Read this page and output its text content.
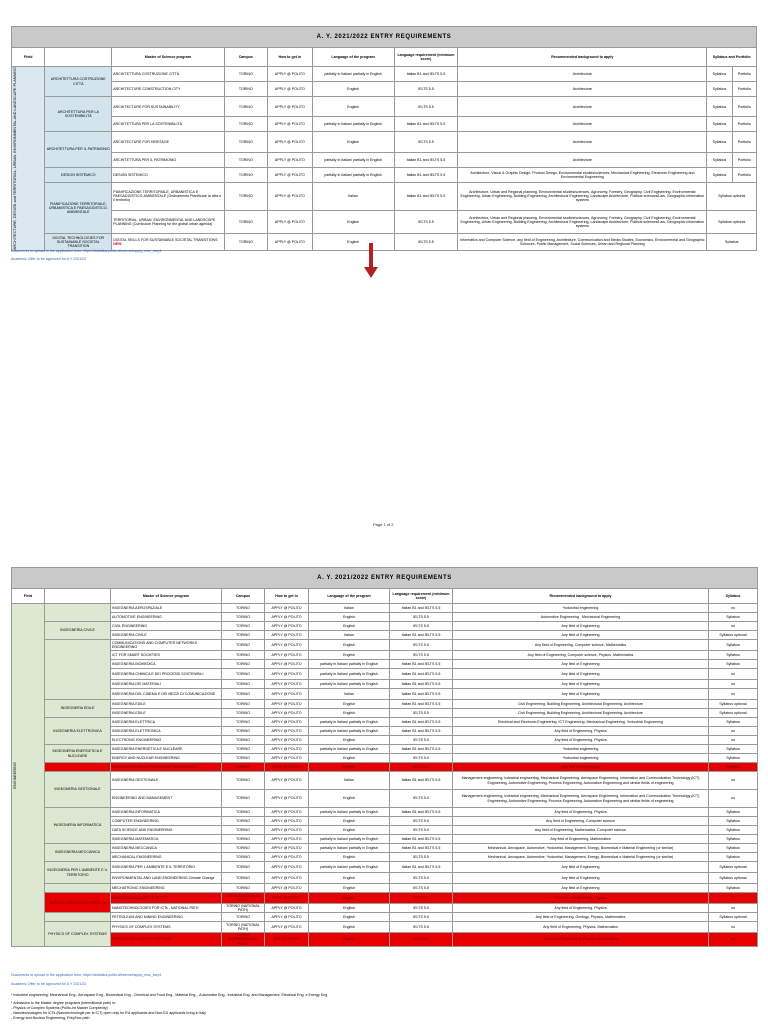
A. Y. 2021/2022 ENTRY REQUIREMENTS									
Field		Master of Science program	Campus	How to get in	Language of the program	Language requirement (minimum score)	Recommended background to apply	Syllabus and Portfolio	

ARCHITECTURE, DESIGN and TERRITORIAL, URBAN, ENVIRONMENTAL AND LANDSCAPE PLANNING	ARCHITETTURA COSTRUZIONE CITTÀ	ARCHITETTURA COSTRUZIONE CITTÀ	TORINO	APPLY @ POLITO	partially in Italian/ partially in English	Italian B1 and IELTS 5.5	Architecture	Syllabus	Portfolio
		ARCHITECTURE CONSTRUCTION CITY	TORINO	APPLY @ POLITO	English	IELTS 5.5	Architecture	Syllabus	Portfolio
	ARCHITETTURA PER LA SOSTENIBILITÀ	ARCHITECTURE FOR SUSTAINABILITY	TORINO	APPLY @ POLITO	English	IELTS 5.5	Architecture	Syllabus	Portfolio
		ARCHITETTURA PER LA SOSTENIBILITÀ	TORINO	APPLY @ POLITO	partially in Italian/ partially in English	Italian B1 and IELTS 5.5	Architecture	Syllabus	Portfolio
	ARCHITETTURA PER IL PATRIMONIO	ARCHITECTURE FOR HERITAGE	TORINO	APPLY @ POLITO	English	IELTS 5.5	Architecture	Syllabus	Portfolio
		ARCHITETTURA PER IL PATRIMONIO	TORINO	APPLY @ POLITO	partially in Italian/ partially in English	Italian B1 and IELTS 5.5	Architecture	Syllabus	Portfolio
	DESIGN SISTEMICO	DESIGN SISTEMICO	TORINO	APPLY @ POLITO	partially in Italian/ partially in English	Italian B1 and IELTS 5.5	Architecture, Visual & Graphic Design, Product Design, Environmental studies/sciences, Mechanical Engineering, Electronic Engineering and Environmental Engineering	Syllabus	Portfolio
	PIANIFICAZIONE TERRITORIALE, URBANISTICA E PAESAGGISTICO-AMBIENTALE	PIANIFICAZIONE TERRITORIALE, URBANISTICA E PAESAGGISTICO-AMBIENTALE (Ordinamento Pianificare la città e il territorio)	TORINO	APPLY @ POLITO	Italian	Italian B1 and IELTS 5.5	Architecture, Urban and Regional planning, Environmental studies/sciences, Agronomy, Forestry, Geography, Civil Engineering, Environmental Engineering, Urban Engineering, Building Engineering, Architectural Engineering, Landscape Architecture, Political sciences/Law, Geographic information systems	Syllabus optional	
		TERRITORIAL, URBAN, ENVIRONMENTAL AND LANDSCAPE PLANNING (Curriculum Planning for the global urban agenda)	TORINO	APPLY @ POLITO	English	IELTS 5.5	Architecture, Urban and Regional planning, Environmental studies/sciences, Agronomy, Forestry, Geography, Civil Engineering, Environmental Engineering, Urban Engineering, Building Engineering, Architectural Engineering, Landscape Architecture, Political sciences/Law, Geographic information systems	Syllabus optional	
	DIGITAL TECHNOLOGIES FOR SUSTAINABLE SOCIETAL TRANSITION	DIGITAL SKILLS FOR SUSTAINABLE SOCIETAL TRANSITIONS NEW	TORINO	APPLY @ POLITO	English	IELTS 5.5	Informatics and Computer Science, any field of Engineering, Architecture, Communication and Media Studies, Economics, Environmental and Geographic Sciences, Public Management, Social Sciences, Urban and Regional Planning	Syllabus	
Documents to upload in the application form: https://didattica.polito.it/internet/apply_msc_step1
Academic Offer to be approved for A.Y 2021/22
Page 1 of 2
A. Y. 2021/2022 ENTRY REQUIREMENTS								
Field		Master of Science program	Campus	How to get in	Language of the program	Language requirement (minimum score)	Recommended background to apply	Syllabus

ENGINEERING		INGEGNERIA AEROSPAZIALE	TORINO	APPLY @ POLITO	Italian	Italian B1 and IELTS 5.5	*Industrial engineering	no
		AUTOMOTIVE ENGINEERING	TORINO	APPLY @ POLITO	English	IELTS 5.5	Automotive Engineering , Mechanical Engineering	Syllabus
	INGEGNERIA CIVILE	CIVIL ENGINEERING	TORINO	APPLY @ POLITO	English	IELTS 5.5	Any field of Engineering	no
		INGEGNERIA CIVILE	TORINO	APPLY @ POLITO	Italian	Italian B1 and IELTS 5.5	Any field of Engineering	Syllabus optional
		COMMUNICATIONS AND COMPUTER NETWORKS ENGINEERING	TORINO	APPLY @ POLITO	English	IELTS 5.5	Any field of Engineering, Computer science, Mathematics	Syllabus
		ICT FOR SMART SOCIETIES	TORINO	APPLY @ POLITO	English	IELTS 5.5	Any field of Engineering, Computer science, Physics, Mathematics	Syllabus
		INGEGNERIA BIOMEDICA	TORINO	APPLY @ POLITO	partially in Italian/ partially in English	Italian B1 and IELTS 5.5	Any field of Engineering	Syllabus
		INGEGNERIA CHIMICA E DEI PROCESSI SOSTENIBILI	TORINO	APPLY @ POLITO	partially in Italian/ partially in English	Italian B1 and IELTS 5.5	Any field of Engineering	no
		INGEGNERIA DEI MATERIALI	TORINO	APPLY @ POLITO	partially in Italian/ partially in English	Italian B1 and IELTS 5.5	Any field of Engineering	no
		INGEGNERIA DEL CINEMA E DEI MEZZI DI COMUNICAZIONE	TORINO	APPLY @ POLITO	Italian	Italian B1 and IELTS 5.5	Any field of Engineering	no
	INGEGNERIA EDILE	INGEGNERIA EDILE	TORINO	APPLY @ POLITO	English	Italian B1 and IELTS 5.5	Civil Engineering, Building Engineering, Architectural Engineering, Architecture	Syllabus optional
		INGEGNERIA EDILE	TORINO	APPLY @ POLITO	English	IELTS 5.5	Civil Engineering, Building Engineering, Architectural Engineering, Architecture	Syllabus optional
	INGEGNERIA ELETTRONICA	INGEGNERIA ELETTRICA	TORINO	APPLY @ POLITO	partially in Italian/ partially in English	Italian B1 and IELTS 5.5	Electrical and Electronic Engineering, ICT Engineering, Mechanical Engineering, *Industrial Engineering	Syllabus
		INGEGNERIA ELETTRONICA	TORINO	APPLY @ POLITO	partially in Italian/ partially in English	Italian B1 and IELTS 5.5	Any field of Engineering, Physics	no
		ELECTRONIC ENGINEERING	TORINO	APPLY @ POLITO	English	IELTS 5.5	Any field of Engineering, Physics	no
	INGEGNERIA ENERGETICA E NUCLEARE	INGEGNERIA ENERGETICA E NUCLEARE	TORINO	APPLY @ POLITO	partially in Italian/ partially in English	Italian B1 and IELTS 5.5	*Industrial engineering	Syllabus
		ENERGY AND NUCLEAR ENGINEERING	TORINO	APPLY @ POLITO	English	IELTS 5.5	*Industrial engineering	Syllabus
		INGEGNERIA DELLA PRODUZIONE INDUSTRIALE	TORINO	APPLY @ POLITO	English	IELTS 5.5	Any field of Engineering	Syllabus
	INGEGNERIA GESTIONALE	INGEGNERIA GESTIONALE	TORINO	APPLY @ POLITO	Italian	Italian B1 and IELTS 5.5	Management engineering, Industrial engineering, Mechanical Engineering, Aerospace Engineering, Information and Communication Technology (ICT) Engineering, Automotive Engineering, Process Engineering, Automation Engineering and similar fields of engineering	no
		ENGINEERING AND MANAGEMENT	TORINO	APPLY @ POLITO	English	IELTS 5.5	Management engineering, Industrial engineering, Mechanical Engineering, Aerospace Engineering, Information and Communication Technology (ICT) Engineering, Automotive Engineering, Process Engineering, Automation Engineering and similar fields of engineering	no
	INGEGNERIA INFORMATICA	INGEGNERIA INFORMATICA	TORINO	APPLY @ POLITO	partially in Italian/ partially in English	Italian B1 and IELTS 5.5	Any field of Engineering, Physics	Syllabus
		COMPUTER ENGINEERING	TORINO	APPLY @ POLITO	English	IELTS 5.5	Any field of Engineering, Computer science	Syllabus
		DATA SCIENCE AND ENGINEERING	TORINO	APPLY @ POLITO	English	IELTS 5.5	Any field of Engineering, Mathematics, Computer science	Syllabus
		INGEGNERIA MATEMATICA	TORINO	APPLY @ POLITO	partially in Italian/ partially in English	Italian B1 and IELTS 5.5	Any field of Engineering, Mathematics	Syllabus
	INGEGNERIA MECCANICA	INGEGNERIA MECCANICA	TORINO	APPLY @ POLITO	partially in Italian/ partially in English	Italian B1 and IELTS 5.5	Mechanical, Aerospace, Automotive, *Industrial, Management, Energy, Biomedical e Material Engineering (or similar)	Syllabus
		MECHANICAL ENGINEERING	TORINO	APPLY @ POLITO	English	IELTS 5.5	Mechanical, Aerospace, Automotive, *Industrial, Management, Energy, Biomedical e Material Engineering (or similar)	Syllabus
	INGEGNERIA PER L'AMBIENTE E IL TERRITORIO	INGEGNERIA PER L'AMBIENTE E IL TERRITORIO	TORINO	APPLY @ POLITO	partially in Italian/ partially in English	Italian B1 and IELTS 5.5	Any field of Engineering	Syllabus optional
		ENVIRONMENTAL AND LAND ENGINEERING Climate Change	TORINO	APPLY @ POLITO	English	IELTS 5.5	Any field of Engineering	Syllabus optional
		MECHATRONIC ENGINEERING	TORINO	APPLY @ POLITO	English	IELTS 5.5	Any field of Engineering	Syllabus
	NANOTECHNOLOGIES FOR ICTs	NANOTECHNOLOGIES FOR ICTs	TORINO (NATIONAL PATH)	APPLY @ POLITO	English	IELTS 5.5	Any field of Engineering, Physics	no
		NANOTECHNOLOGIES FOR ICTs - NATIONAL PATH	TORINO (NATIONAL PATH)	APPLY @ POLITO	English	IELTS 5.5	Any field of Engineering, Physics	no
		PETROLEUM AND MINING ENGINEERING	TORINO	APPLY @ POLITO	English	IELTS 5.5	Any field of Engineering, Geology, Physics, Mathematics	Syllabus optional
	PHYSICS OF COMPLEX SYSTEMS	PHYSICS OF COMPLEX SYSTEMS	TORINO (NATIONAL PATH)	APPLY @ POLITO	English	IELTS 5.5	Any field of Engineering, Physics, Mathematics	no
		PHYSICS OF COMPLEX SYSTEMS	TORINO (INTERNATIONAL PATH)	ASK TO APPLY	English	IELTS 5.5	Any field of Engineering, Physics, Mathematics	no
Documents to upload in the application form: https://didattica.polito.it/internet/apply_msc_step1
Academic Offer to be approved for A.Y 2021/22
* Industrial engineering: Mechanical Eng., Aerospace Eng., Biomedical Eng., Chemical and Food Eng., Material Eng. , Automotive Eng., Industrial Eng. and Management, Electrical Eng. e Energy Eng.
* Admission to the Master degree programs (international path) in:
- Physics of Complex Systems (Polito-Int Master Complexity)
- Nanotechnologies for ICTs (Nanotechnologie per le ICT) open only for EU applicants and Non-EU applicants living in Italy
- Energy and Nuclear Engineering, Poly/Nuc path
